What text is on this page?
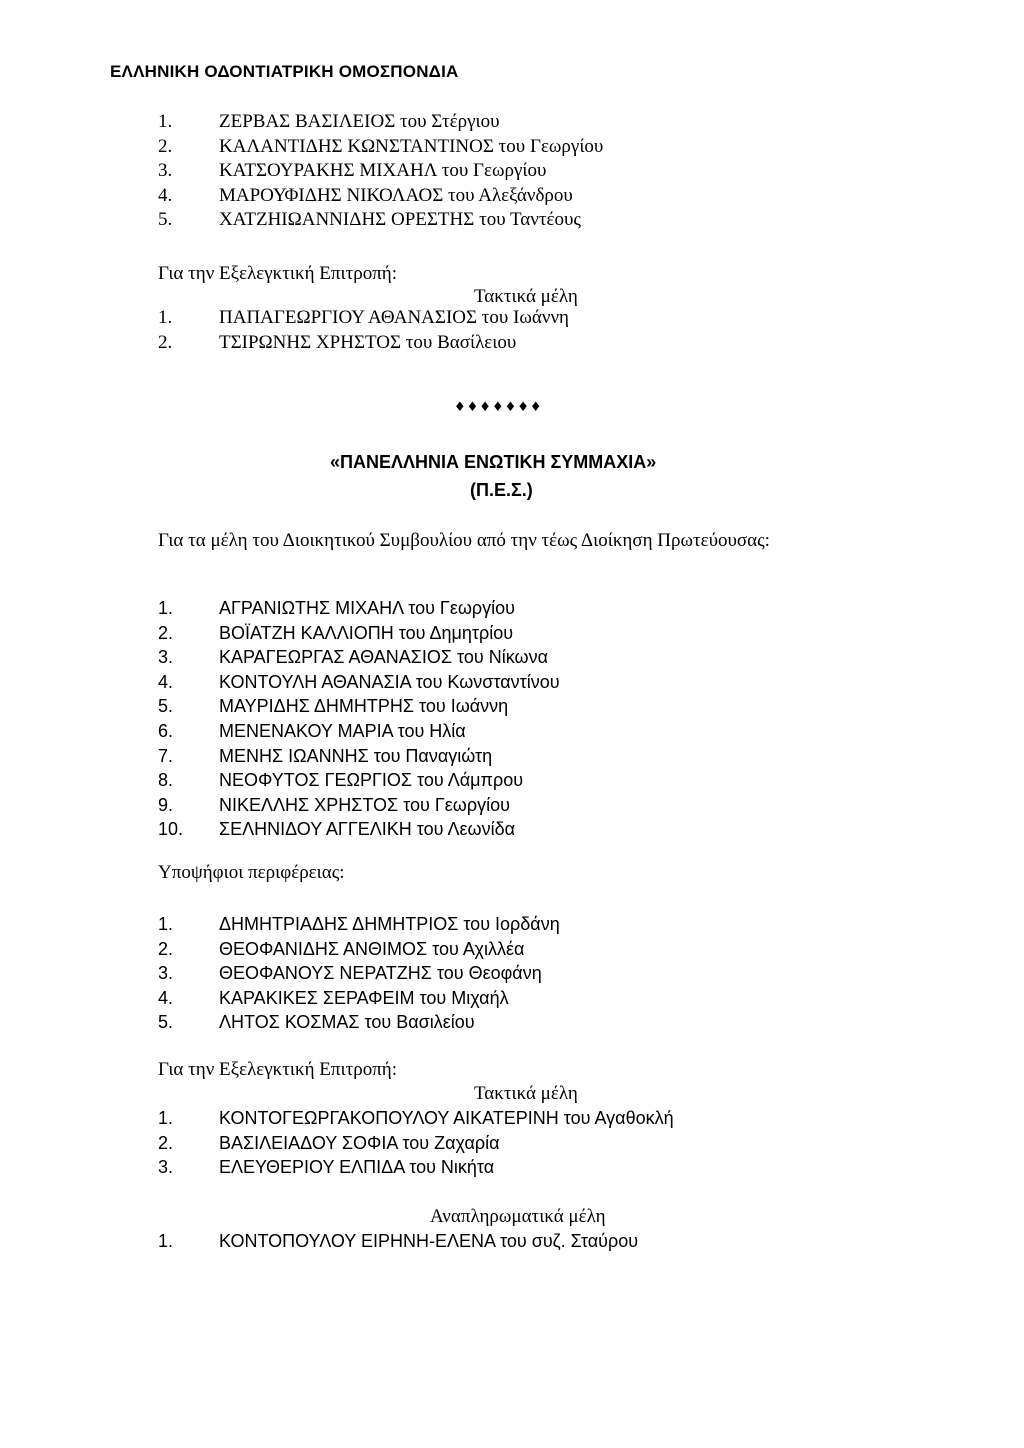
ΕΛΛΗΝΙΚΗ ΟΔΟΝΤΙΑΤΡΙΚΗ ΟΜΟΣΠΟΝΔΙΑ
1.	ΖΕΡΒΑΣ ΒΑΣΙΛΕΙΟΣ του Στέργιου
2.	ΚΑΛΑΝΤΙΔΗΣ ΚΩΝΣΤΑΝΤΙΝΟΣ του Γεωργίου
3.	ΚΑΤΣΟΥΡΑΚΗΣ ΜΙΧΑΗΛ του Γεωργίου
4.	ΜΑΡΟΥΦΙΔΗΣ ΝΙΚΟΛΑΟΣ του Αλεξάνδρου
5.	ΧΑΤΖΗΙΩΑΝΝΙΔΗΣ ΟΡΕΣΤΗΣ του Ταντέους
Για την Εξελεγκτική Επιτροπή:
Τακτικά μέλη
1.	ΠΑΠΑΓΕΩΡΓΙΟΥ ΑΘΑΝΑΣΙΟΣ του Ιωάννη
2.	ΤΣΙΡΩΝΗΣ ΧΡΗΣΤΟΣ του Βασίλειου
♦♦♦♦♦♦♦
«ΠΑΝΕΛΛΗΝΙΑ ΕΝΩΤΙΚΗ ΣΥΜΜΑΧΙΑ»
(Π.Ε.Σ.)
Για τα μέλη του Διοικητικού Συμβουλίου από την τέως Διοίκηση Πρωτεύουσας:
1.	ΑΓΡΑΝΙΩΤΗΣ ΜΙΧΑΗΛ του Γεωργίου
2.	ΒΟΪΑΤΖΗ ΚΑΛΛΙΟΠΗ του Δημητρίου
3.	ΚΑΡΑΓΕΩΡΓΑΣ ΑΘΑΝΑΣΙΟΣ του Νίκωνα
4.	ΚΟΝΤΟΥΛΗ ΑΘΑΝΑΣΙΑ του Κωνσταντίνου
5.	ΜΑΥΡΙΔΗΣ ΔΗΜΗΤΡΗΣ του Ιωάννη
6.	ΜΕΝΕΝΑΚΟΥ ΜΑΡΙΑ του Ηλία
7.	ΜΕΝΗΣ ΙΩΑΝΝΗΣ του Παναγιώτη
8.	ΝΕΟΦΥΤΟΣ ΓΕΩΡΓΙΟΣ του Λάμπρου
9.	ΝΙΚΕΛΛΗΣ ΧΡΗΣΤΟΣ του Γεωργίου
10.	ΣΕΛΗΝΙΔΟΥ ΑΓΓΕΛΙΚΗ του Λεωνίδα
Υποψήφιοι περιφέρειας:
1.	ΔΗΜΗΤΡΙΑΔΗΣ ΔΗΜΗΤΡΙΟΣ του Ιορδάνη
2.	ΘΕΟΦΑΝΙΔΗΣ ΑΝΘΙΜΟΣ του Αχιλλέα
3.	ΘΕΟΦΑΝΟΥΣ ΝΕΡΑΤΖΗΣ του Θεοφάνη
4.	ΚΑΡΑΚΙΚΕΣ ΣΕΡΑΦΕΙΜ του Μιχαήλ
5.	ΛΗΤΟΣ ΚΟΣΜΑΣ του Βασιλείου
Για την Εξελεγκτική Επιτροπή:
Τακτικά μέλη
1.	ΚΟΝΤΟΓΕΩΡΓΑΚΟΠΟΥΛΟΥ ΑΙΚΑΤΕΡΙΝΗ του Αγαθοκλή
2.	ΒΑΣΙΛΕΙΑΔΟΥ ΣΟΦΙΑ του Ζαχαρία
3.	ΕΛΕΥΘΕΡΙΟΥ ΕΛΠΙΔΑ του Νικήτα
Αναπληρωματικά μέλη
1.	ΚΟΝΤΟΠΟΥΛΟΥ ΕΙΡΗΝΗ-ΕΛΕΝΑ του συζ. Σταύρου
